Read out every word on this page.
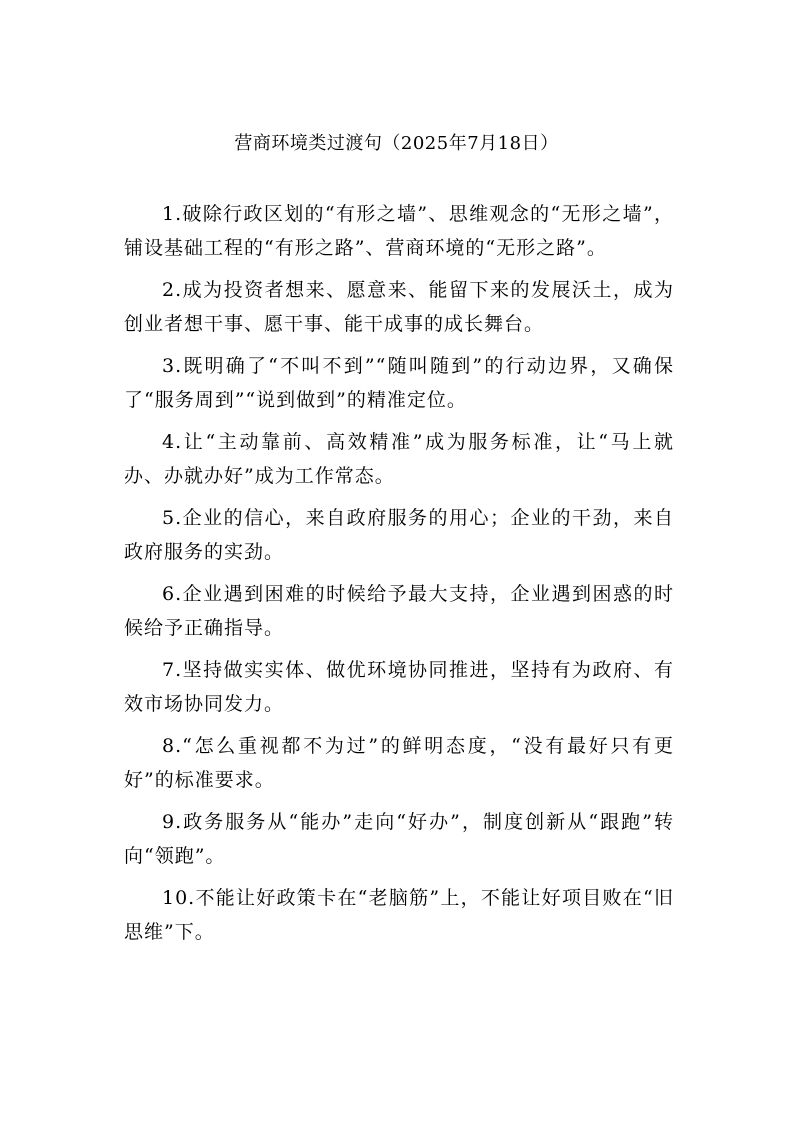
营商环境类过渡句（2025年7月18日）

1.破除行政区划的“有形之墙”、思维观念的“无形之墙”，铺设基础工程的“有形之路”、营商环境的“无形之路”。

2.成为投资者想来、愿意来、能留下来的发展沃土，成为创业者想干事、愿干事、能干成事的成长舞台。

3.既明确了“不叫不到”“随叫随到”的行动边界，又确保了“服务周到”“说到做到”的精准定位。

4.让“主动靠前、高效精准”成为服务标准，让“马上就办、办就办好”成为工作常态。

5.企业的信心，来自政府服务的用心；企业的干劲，来自政府服务的实劲。

6.企业遇到困难的时候给予最大支持，企业遇到困惑的时候给予正确指导。

7.坚持做实实体、做优环境协同推进，坚持有为政府、有效市场协同发力。

8.“怎么重视都不为过”的鲜明态度，“没有最好只有更好”的标准要求。

9.政务服务从“能办”走向“好办”，制度创新从“跟跑”转向“领跑”。

10.不能让好政策卡在“老脑筋”上，不能让好项目败在“旧思维”下。
